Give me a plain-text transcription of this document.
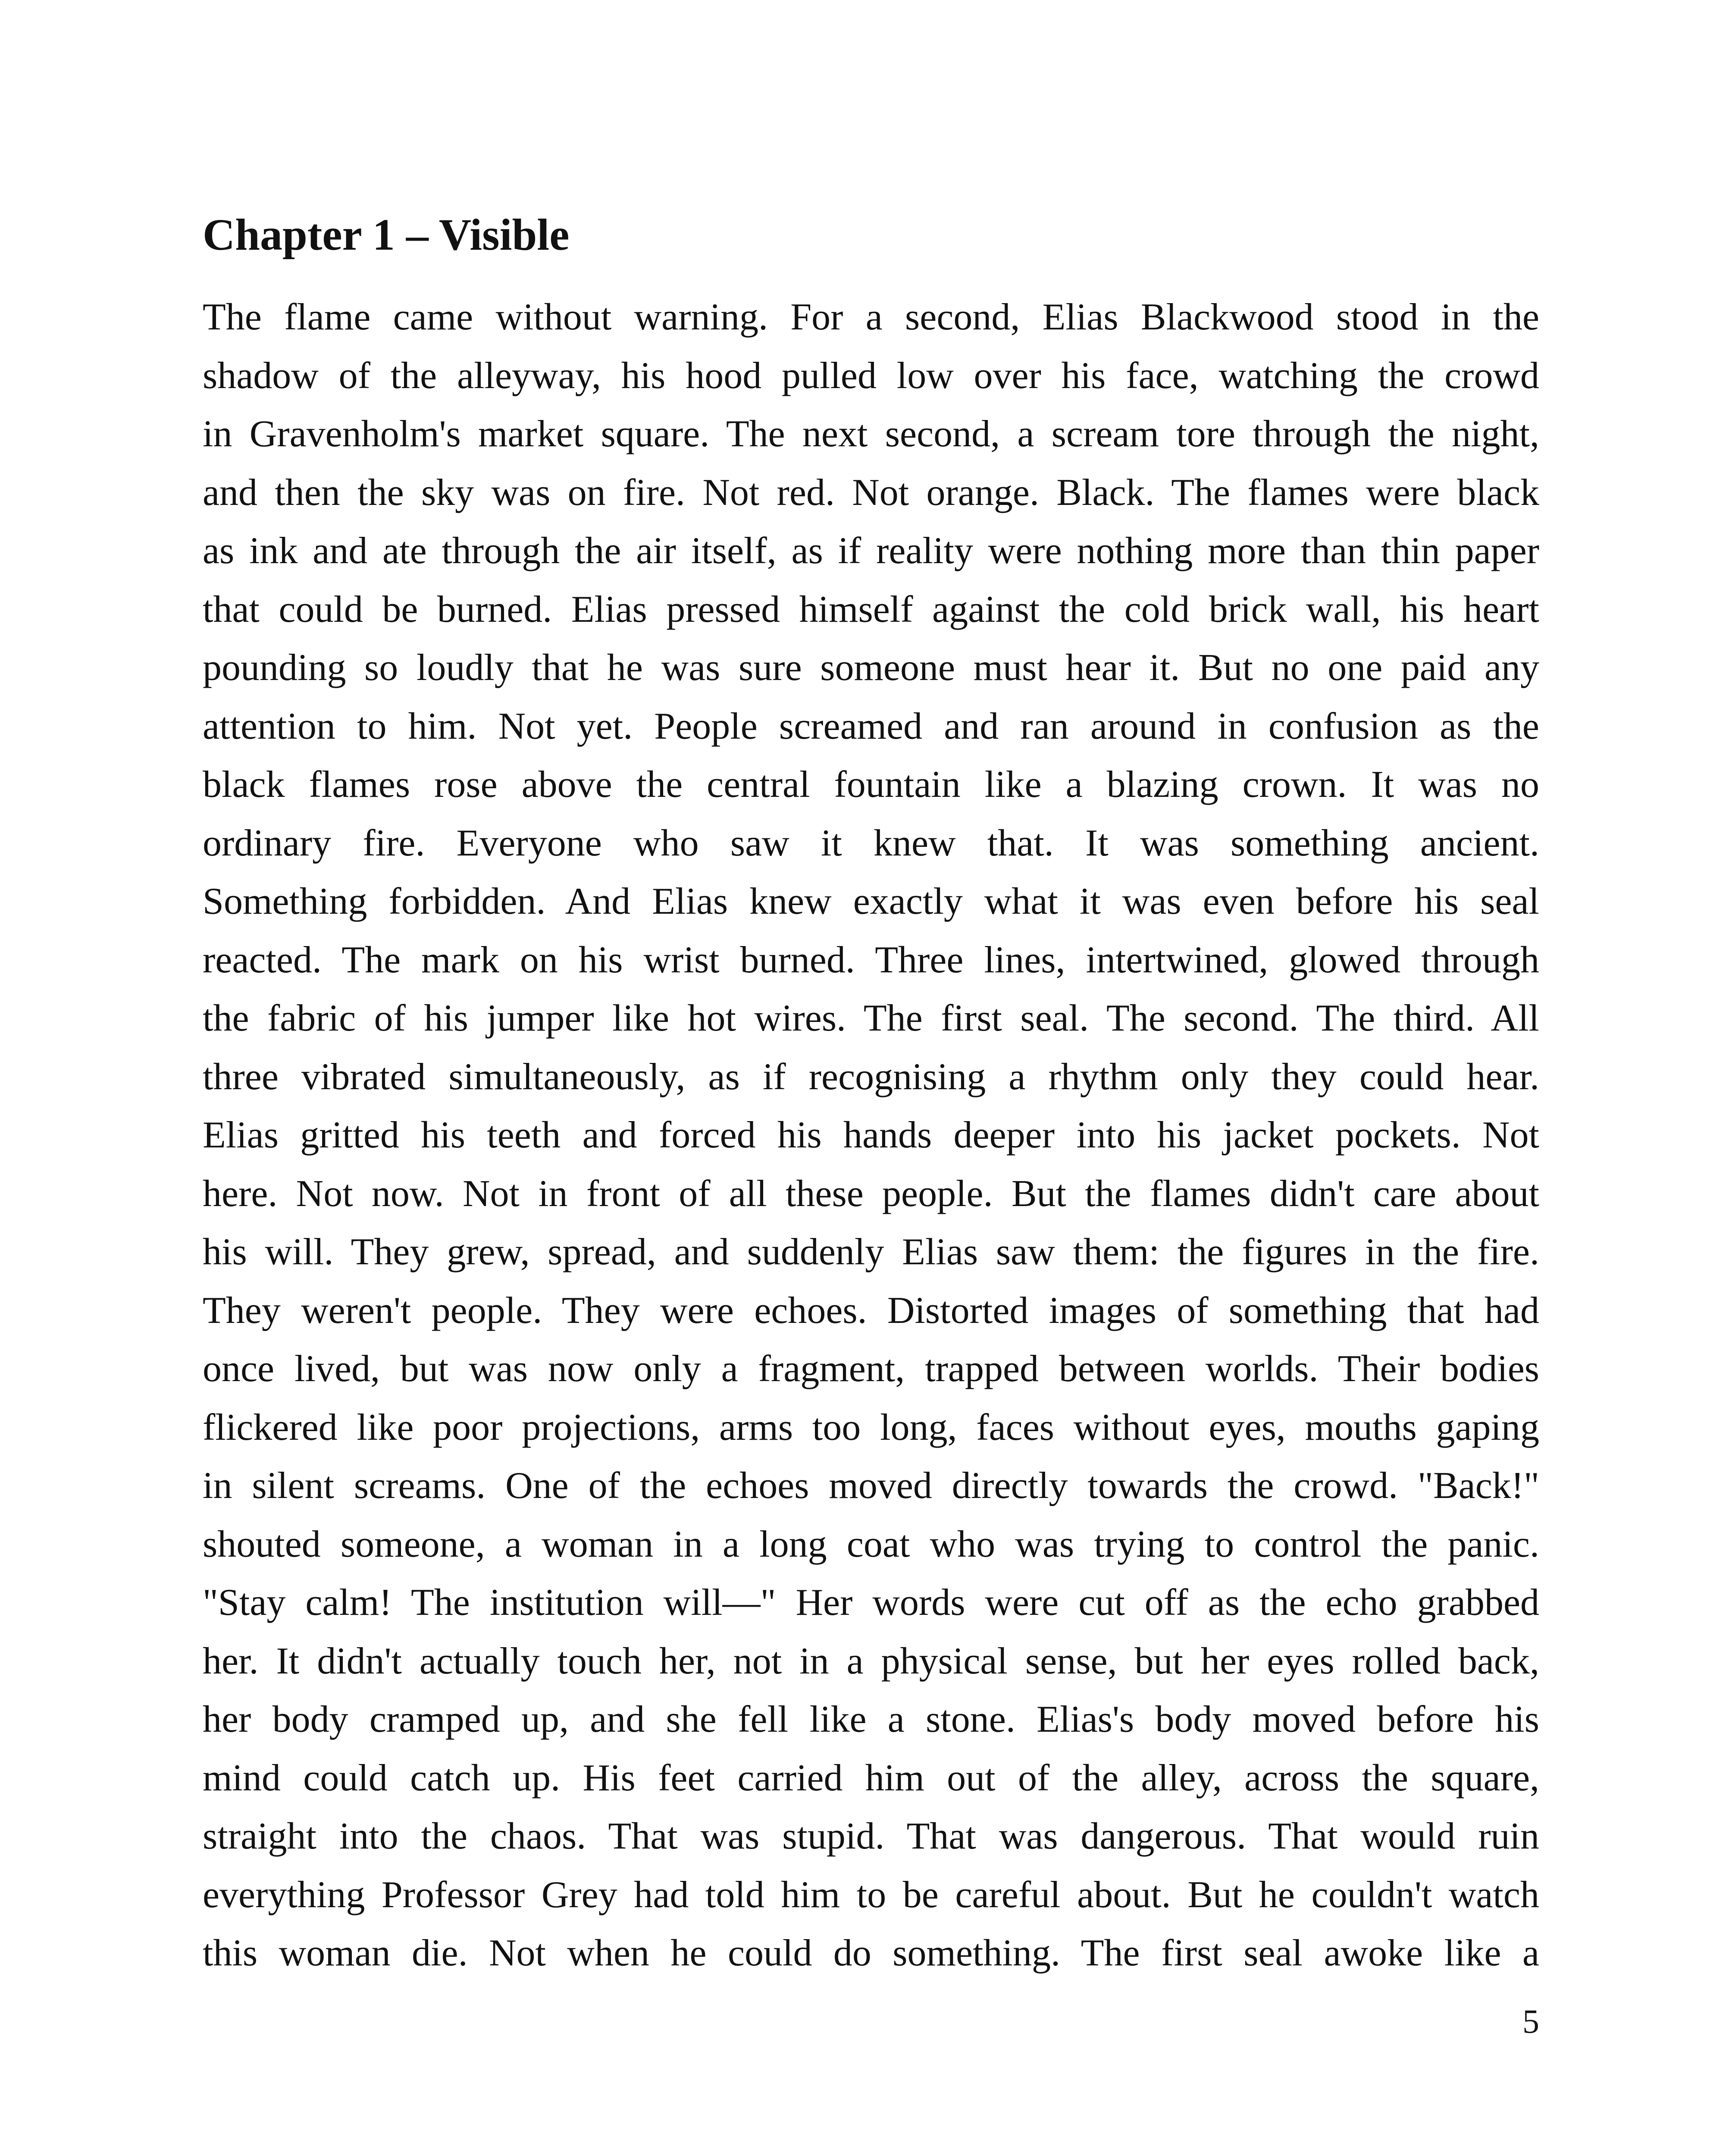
Chapter 1 – Visible
The flame came without warning. For a second, Elias Blackwood stood in the
shadow of the alleyway, his hood pulled low over his face, watching the crowd
in Gravenholm's market square. The next second, a scream tore through the night,
and then the sky was on fire. Not red. Not orange. Black. The flames were black
as ink and ate through the air itself, as if reality were nothing more than thin paper
that could be burned. Elias pressed himself against the cold brick wall, his heart
pounding so loudly that he was sure someone must hear it. But no one paid any
attention to him. Not yet. People screamed and ran around in confusion as the
black flames rose above the central fountain like a blazing crown. It was no
ordinary fire. Everyone who saw it knew that. It was something ancient.
Something forbidden. And Elias knew exactly what it was even before his seal
reacted. The mark on his wrist burned. Three lines, intertwined, glowed through
the fabric of his jumper like hot wires. The first seal. The second. The third. All
three vibrated simultaneously, as if recognising a rhythm only they could hear.
Elias gritted his teeth and forced his hands deeper into his jacket pockets. Not
here. Not now. Not in front of all these people. But the flames didn't care about
his will. They grew, spread, and suddenly Elias saw them: the figures in the fire.
They weren't people. They were echoes. Distorted images of something that had
once lived, but was now only a fragment, trapped between worlds. Their bodies
flickered like poor projections, arms too long, faces without eyes, mouths gaping
in silent screams. One of the echoes moved directly towards the crowd. "Back!"
shouted someone, a woman in a long coat who was trying to control the panic.
"Stay calm! The institution will—" Her words were cut off as the echo grabbed
her. It didn't actually touch her, not in a physical sense, but her eyes rolled back,
her body cramped up, and she fell like a stone. Elias's body moved before his
mind could catch up. His feet carried him out of the alley, across the square,
straight into the chaos. That was stupid. That was dangerous. That would ruin
everything Professor Grey had told him to be careful about. But he couldn't watch
this woman die. Not when he could do something. The first seal awoke like a

5
